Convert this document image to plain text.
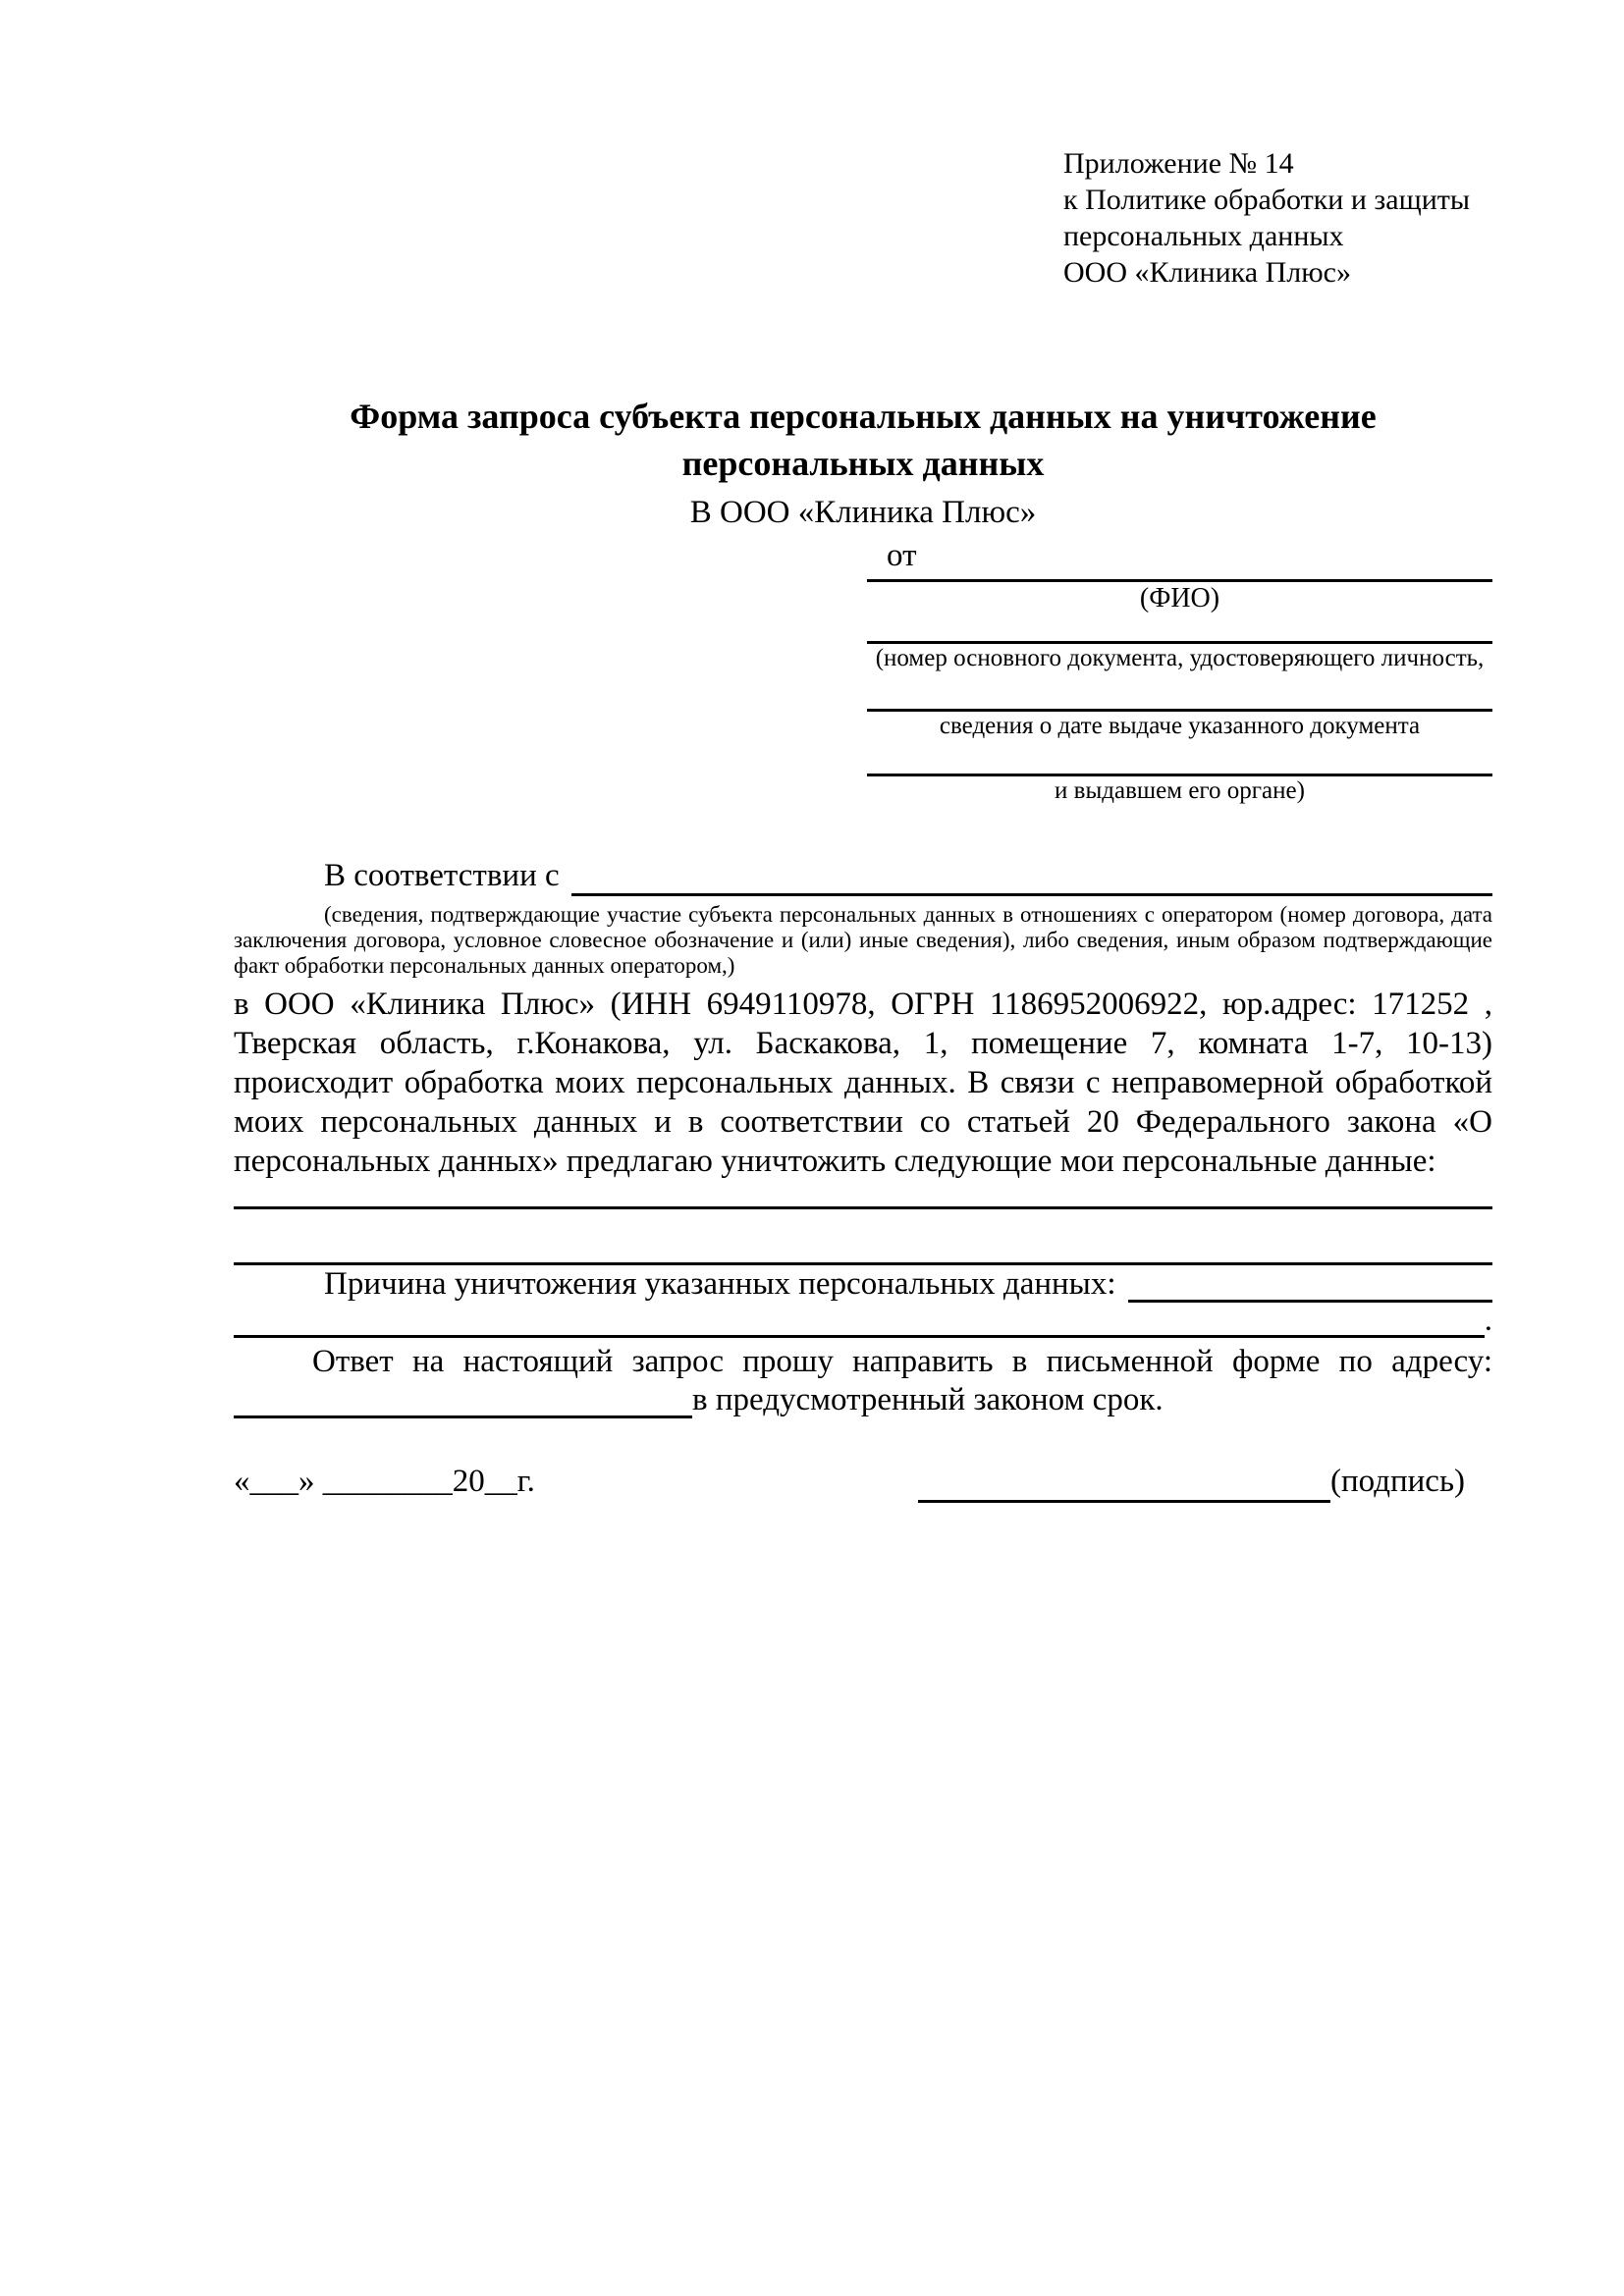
Приложение № 14
к Политике обработки и защиты
персональных данных
ООО «Клиника Плюс»
Форма запроса субъекта персональных данных на уничтожение персональных данных
В ООО «Клиника Плюс»
от
(ФИО)
(номер основного документа, удостоверяющего личность,
сведения о дате выдаче указанного документа
и выдавшем его органе)
В соответствии с

(сведения, подтверждающие участие субъекта персональных данных в отношениях с оператором (номер договора, дата заключения договора, условное словесное обозначение и (или) иные сведения), либо сведения, иным образом подтверждающие факт обработки персональных данных оператором,)

в ООО «Клиника Плюс» (ИНН 6949110978, ОГРН 1186952006922, юр.адрес: 171252 , Тверская область, г.Конакова, ул. Баскакова, 1, помещение 7, комната 1-7, 10-13) происходит обработка моих персональных данных. В связи с неправомерной обработкой моих персональных данных и в соответствии со статьей 20 Федерального закона «О персональных данных» предлагаю уничтожить следующие мои персональные данные:

Причина уничтожения указанных персональных данных:
.

Ответ на настоящий запрос прошу направить в письменной форме по адресу:

в предусмотренный законом срок.
«___» ________20__г.	(подпись)
